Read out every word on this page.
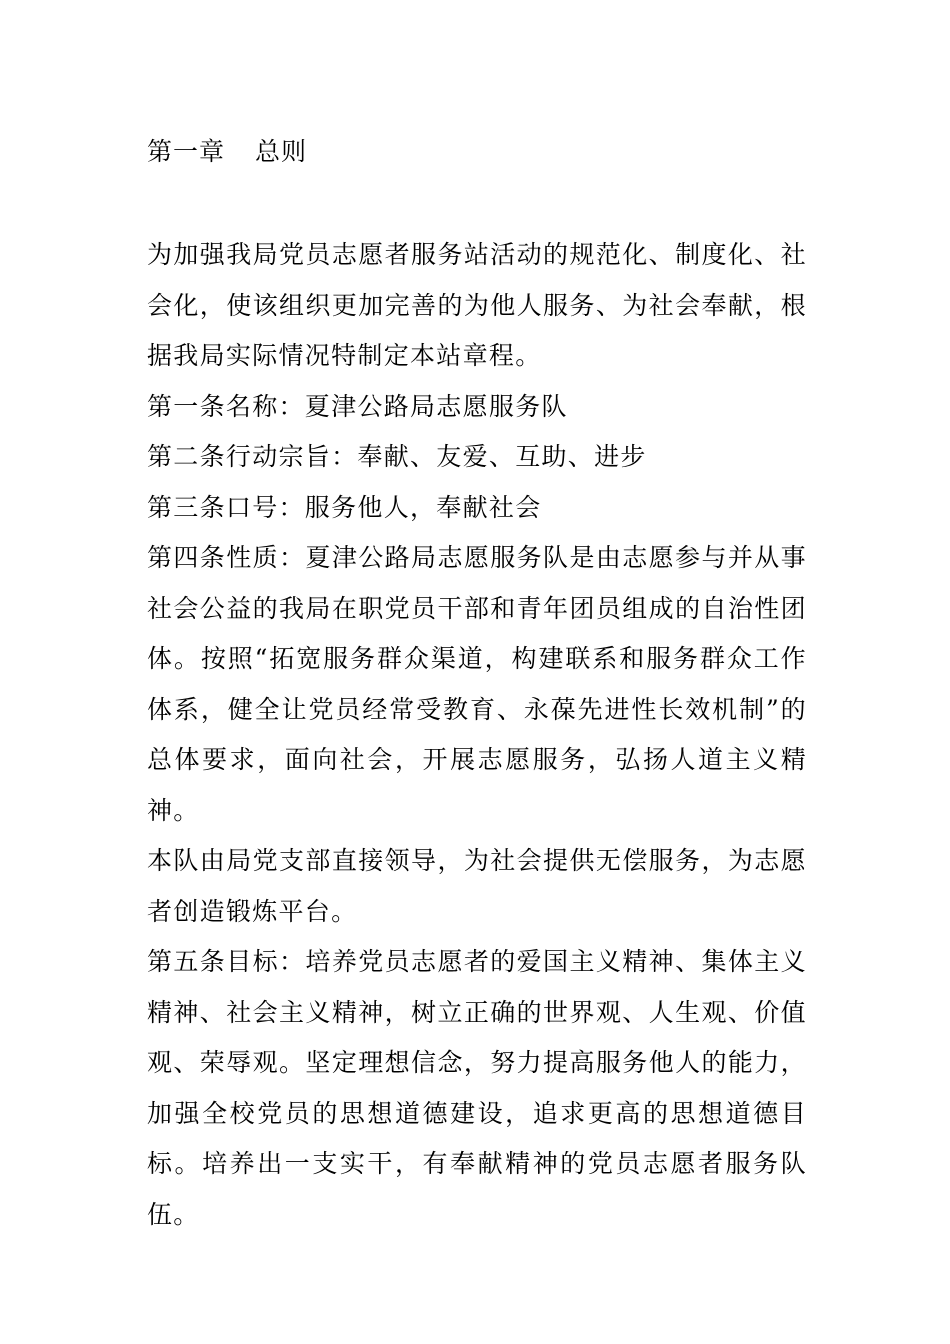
第一章 总则

为加强我局党员志愿者服务站活动的规范化、制度化、社会化，使该组织更加完善的为他人服务、为社会奉献，根据我局实际情况特制定本站章程。

第一条名称：夏津公路局志愿服务队

第二条行动宗旨：奉献、友爱、互助、进步

第三条口号：服务他人，奉献社会

第四条性质：夏津公路局志愿服务队是由志愿参与并从事社会公益的我局在职党员干部和青年团员组成的自治性团体。按照“拓宽服务群众渠道，构建联系和服务群众工作体系，健全让党员经常受教育、永葆先进性长效机制”的总体要求，面向社会，开展志愿服务，弘扬人道主义精神。

本队由局党支部直接领导，为社会提供无偿服务，为志愿者创造锻炼平台。

第五条目标：培养党员志愿者的爱国主义精神、集体主义精神、社会主义精神，树立正确的世界观、人生观、价值观、荣辱观。坚定理想信念，努力提高服务他人的能力，加强全校党员的思想道德建设，追求更高的思想道德目标。培养出一支实干，有奉献精神的党员志愿者服务队伍。
